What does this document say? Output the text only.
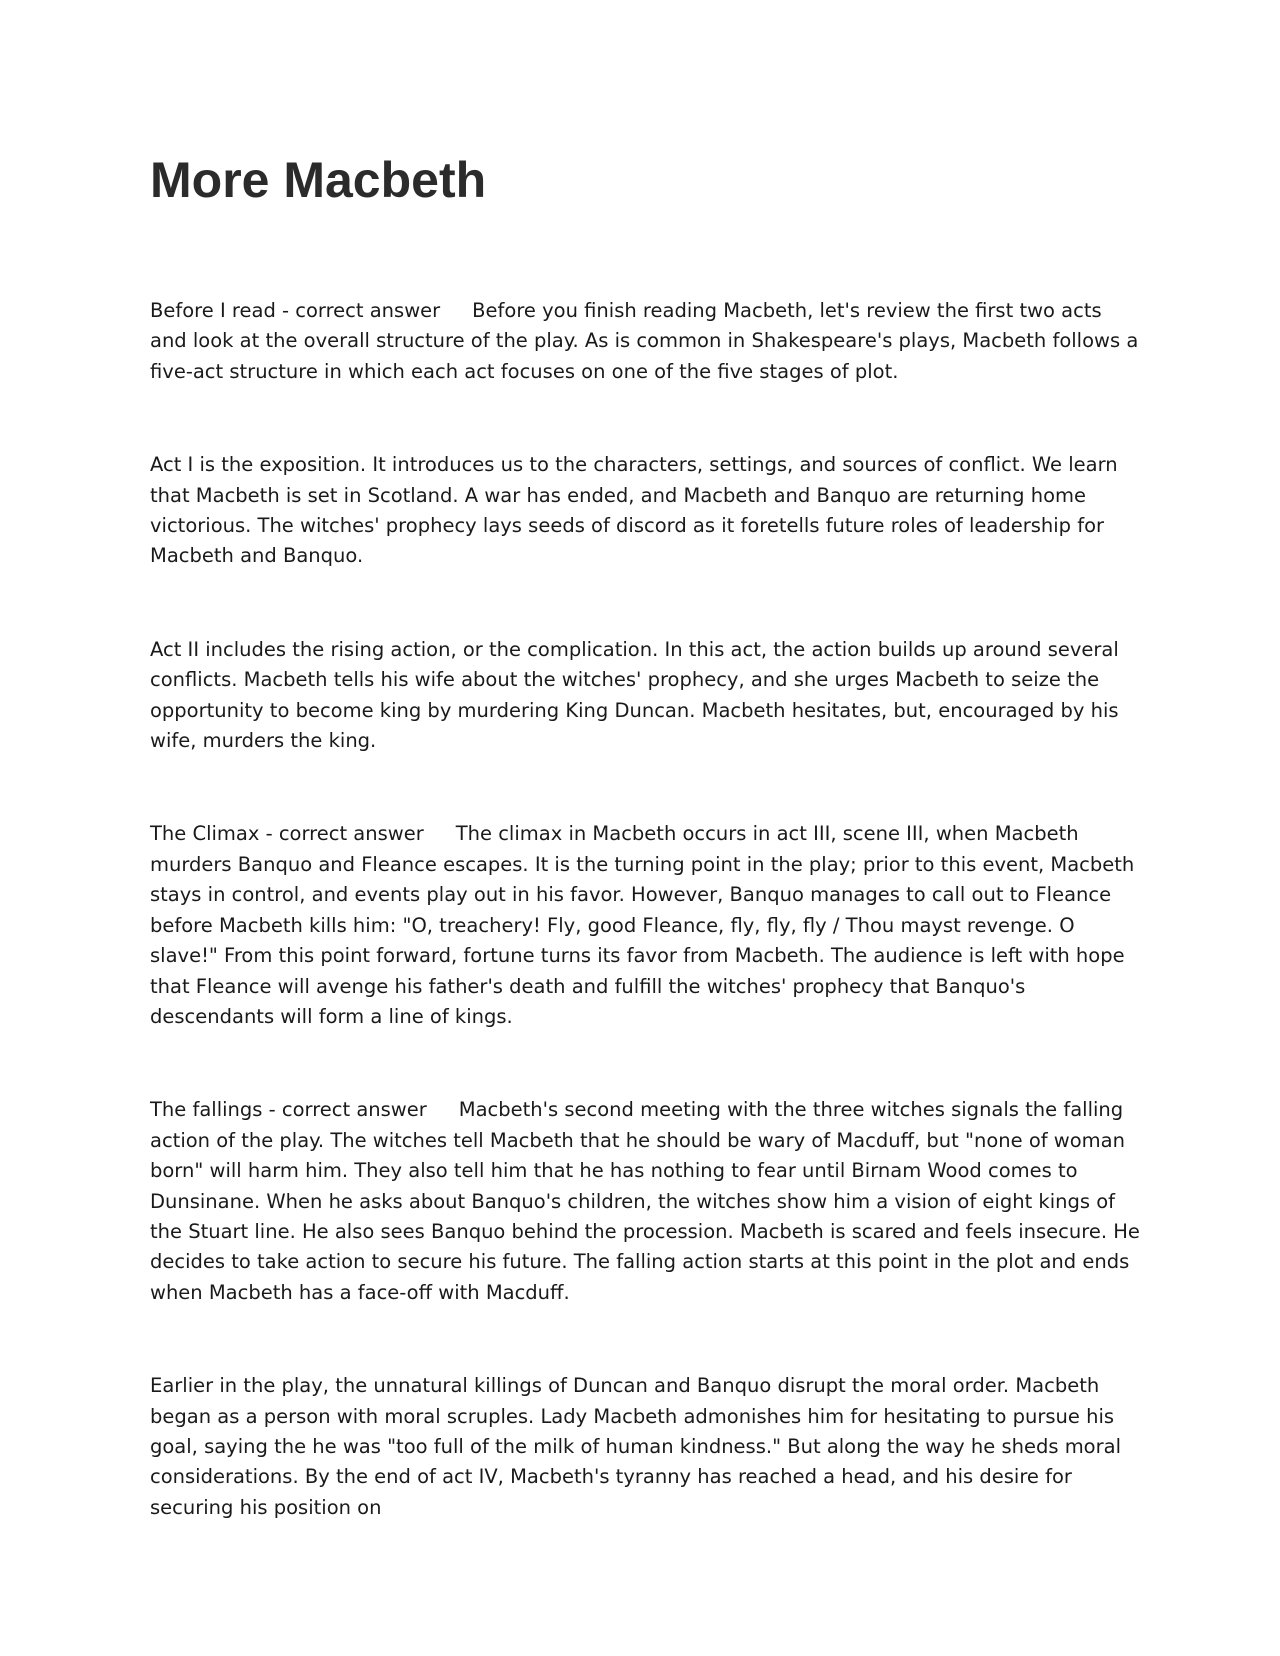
More Macbeth

Before I read - correct answer Before you finish reading Macbeth, let's review the first two acts and look at the overall structure of the play. As is common in Shakespeare's plays, Macbeth follows a five-act structure in which each act focuses on one of the five stages of plot.

Act I is the exposition. It introduces us to the characters, settings, and sources of conflict. We learn that Macbeth is set in Scotland. A war has ended, and Macbeth and Banquo are returning home victorious. The witches' prophecy lays seeds of discord as it foretells future roles of leadership for Macbeth and Banquo.

Act II includes the rising action, or the complication. In this act, the action builds up around several conflicts. Macbeth tells his wife about the witches' prophecy, and she urges Macbeth to seize the opportunity to become king by murdering King Duncan. Macbeth hesitates, but, encouraged by his wife, murders the king.

The Climax - correct answer The climax in Macbeth occurs in act III, scene III, when Macbeth murders Banquo and Fleance escapes. It is the turning point in the play; prior to this event, Macbeth stays in control, and events play out in his favor. However, Banquo manages to call out to Fleance before Macbeth kills him: "O, treachery! Fly, good Fleance, fly, fly, fly / Thou mayst revenge. O slave!" From this point forward, fortune turns its favor from Macbeth. The audience is left with hope that Fleance will avenge his father's death and fulfill the witches' prophecy that Banquo's descendants will form a line of kings.

The fallings - correct answer Macbeth's second meeting with the three witches signals the falling action of the play. The witches tell Macbeth that he should be wary of Macduff, but "none of woman born" will harm him. They also tell him that he has nothing to fear until Birnam Wood comes to Dunsinane. When he asks about Banquo's children, the witches show him a vision of eight kings of the Stuart line. He also sees Banquo behind the procession. Macbeth is scared and feels insecure. He decides to take action to secure his future. The falling action starts at this point in the plot and ends when Macbeth has a face-off with Macduff.

Earlier in the play, the unnatural killings of Duncan and Banquo disrupt the moral order. Macbeth began as a person with moral scruples. Lady Macbeth admonishes him for hesitating to pursue his goal, saying the he was "too full of the milk of human kindness." But along the way he sheds moral considerations. By the end of act IV, Macbeth's tyranny has reached a head, and his desire for securing his position on
